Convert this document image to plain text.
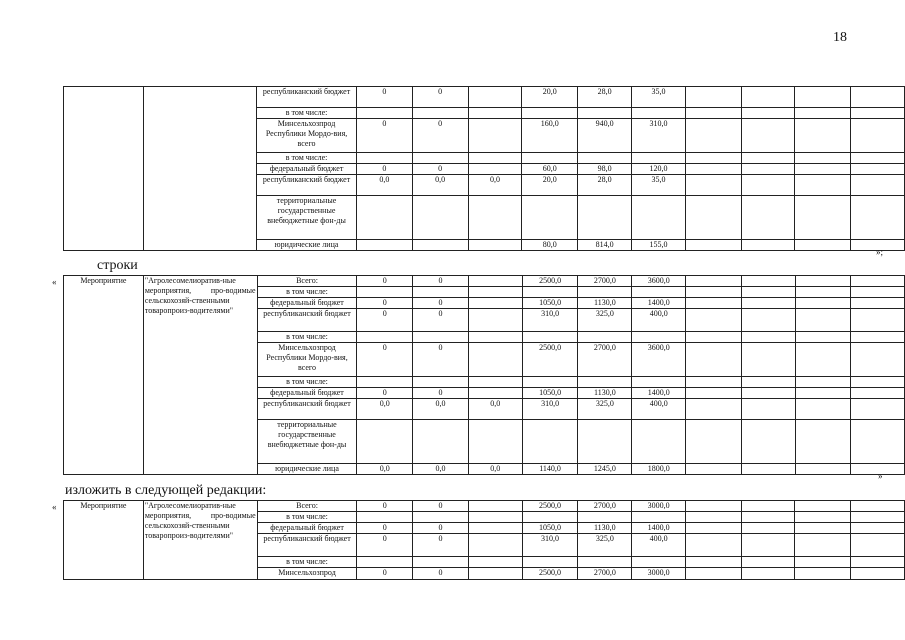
18
		республиканский бюджет	0	0		20,0	28,0	35,0				
		в том числе:										
		Минсельхозпрод Республики Мордо-вия, всего	0	0		160,0	940,0	310,0				
		в том числе:										
		федеральный бюджет	0	0		60,0	98,0	120,0				
		республиканский бюджет	0,0	0,0	0,0	20,0	28,0	35,0				
		территориальные государственные внебюджетные фон-ды										
		юридические лица				80,0	814,0	155,0				
»;
строки
«	Мероприятие	"Агролесомелиоратив-ные мероприятия, про-водимые сельскохозяй-ственными товаропроиз-водителями"	Всего:	0	0		2500,0	2700,0	3600,0				
		в том числе:										
		федеральный бюджет	0	0		1050,0	1130,0	1400,0				
		республиканский бюджет	0	0		310,0	325,0	400,0				
		в том числе:										
		Минсельхозпрод Республики Мордо-вия, всего	0	0		2500,0	2700,0	3600,0				
		в том числе:										
		федеральный бюджет	0	0		1050,0	1130,0	1400,0				
		республиканский бюджет	0,0	0,0	0,0	310,0	325,0	400,0				
		территориальные государственные внебюджетные фон-ды										
		юридические лица	0,0	0,0	0,0	1140,0	1245,0	1800,0				
»
изложить в следующей редакции:
«	Мероприятие	"Агролесомелиоратив-ные мероприятия, про-водимые сельскохозяй-ственными товаропроиз-водителями"	Всего:	0	0		2500,0	2700,0	3000,0				
		в том числе:										
		федеральный бюджет	0	0		1050,0	1130,0	1400,0				
		республиканский бюджет	0	0		310,0	325,0	400,0				
		в том числе:										
		Минсельхозпрод	0	0		2500,0	2700,0	3000,0				
